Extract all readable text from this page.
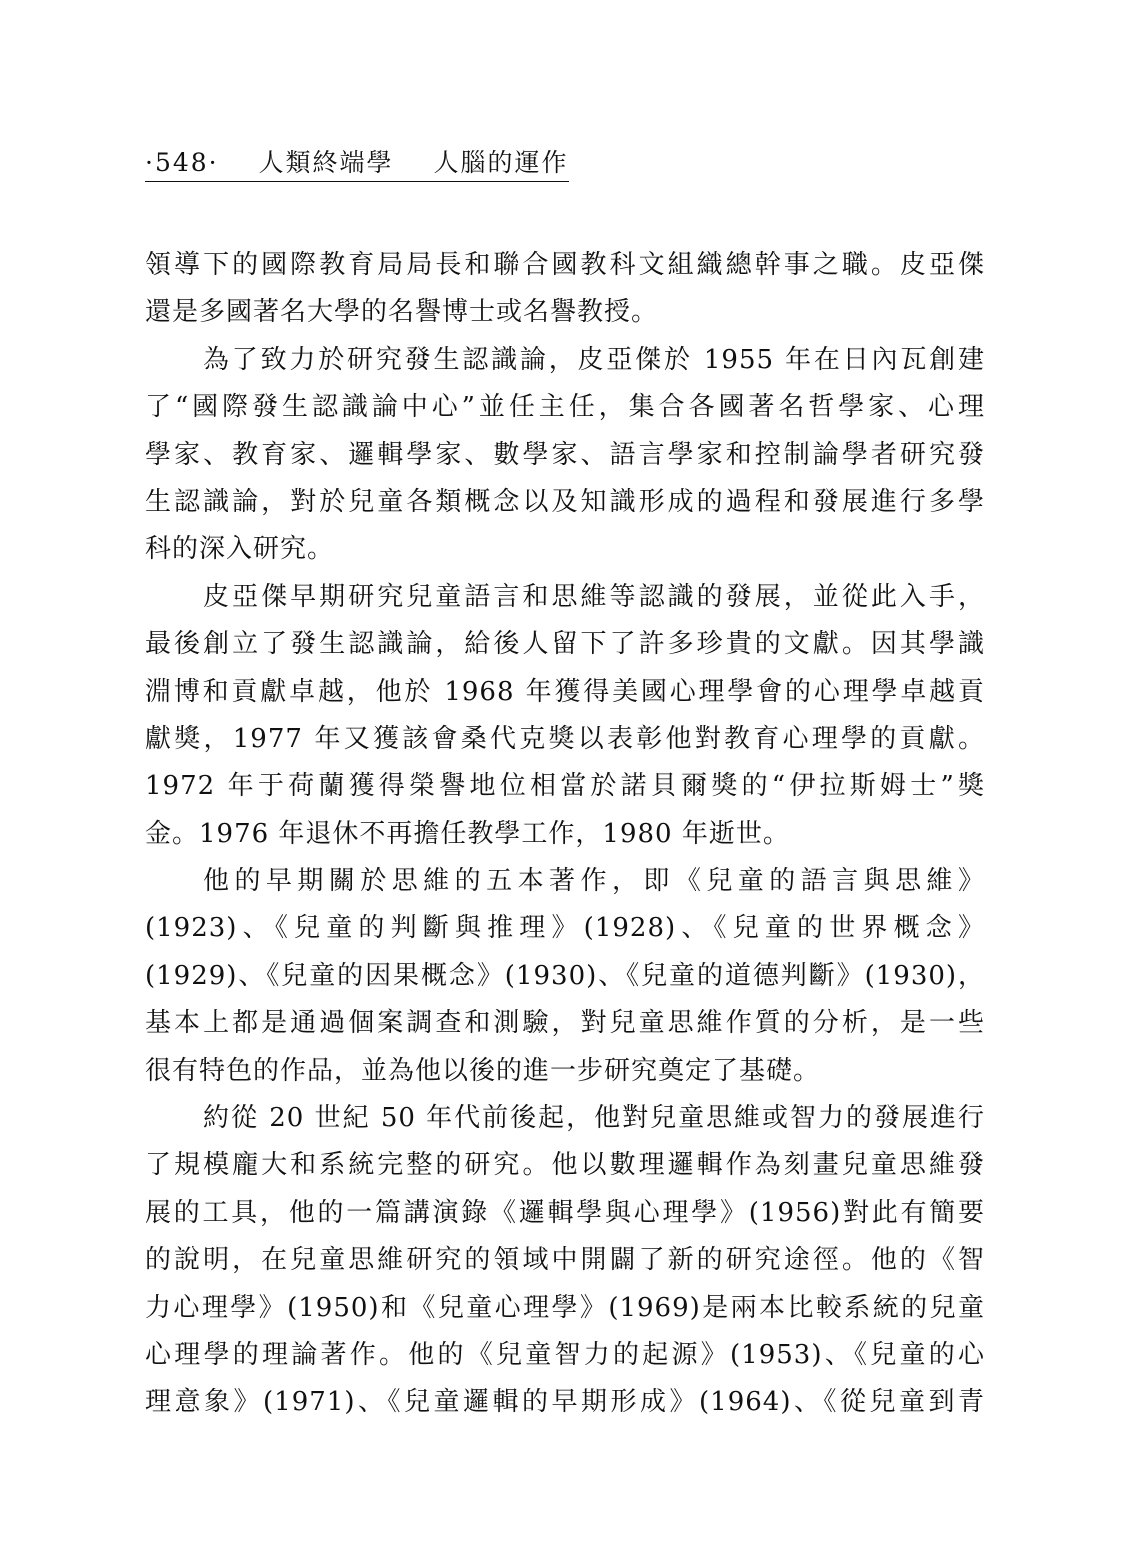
·548· 人類終端學 人腦的運作
領導下的國際教育局局長和聯合國教科文組織總幹事之職。皮亞傑
還是多國著名大學的名譽博士或名譽教授。
為了致力於研究發生認識論，皮亞傑於 1955 年在日內瓦創建
了“國際發生認識論中心”並任主任，集合各國著名哲學家、心理
學家、教育家、邏輯學家、數學家、語言學家和控制論學者研究發
生認識論，對於兒童各類概念以及知識形成的過程和發展進行多學
科的深入研究。
皮亞傑早期研究兒童語言和思維等認識的發展，並從此入手，
最後創立了發生認識論，給後人留下了許多珍貴的文獻。因其學識
淵博和貢獻卓越，他於 1968 年獲得美國心理學會的心理學卓越貢
獻獎，1977 年又獲該會桑代克獎以表彰他對教育心理學的貢獻。
1972 年于荷蘭獲得榮譽地位相當於諾貝爾獎的“伊拉斯姆士”獎
金。1976 年退休不再擔任教學工作，1980 年逝世。
他的早期關於思維的五本著作，即《兒童的語言與思維》
(1923)、《兒童的判斷與推理》(1928)、《兒童的世界概念》
(1929)、《兒童的因果概念》(1930)、《兒童的道德判斷》(1930)，
基本上都是通過個案調查和測驗，對兒童思維作質的分析，是一些
很有特色的作品，並為他以後的進一步研究奠定了基礎。
約從 20 世紀 50 年代前後起，他對兒童思維或智力的發展進行
了規模龐大和系統完整的研究。他以數理邏輯作為刻畫兒童思維發
展的工具，他的一篇講演錄《邏輯學與心理學》(1956)對此有簡要
的說明，在兒童思維研究的領域中開闢了新的研究途徑。他的《智
力心理學》(1950)和《兒童心理學》(1969)是兩本比較系統的兒童
心理學的理論著作。他的《兒童智力的起源》(1953)、《兒童的心
理意象》(1971)、《兒童邏輯的早期形成》(1964)、《從兒童到青
